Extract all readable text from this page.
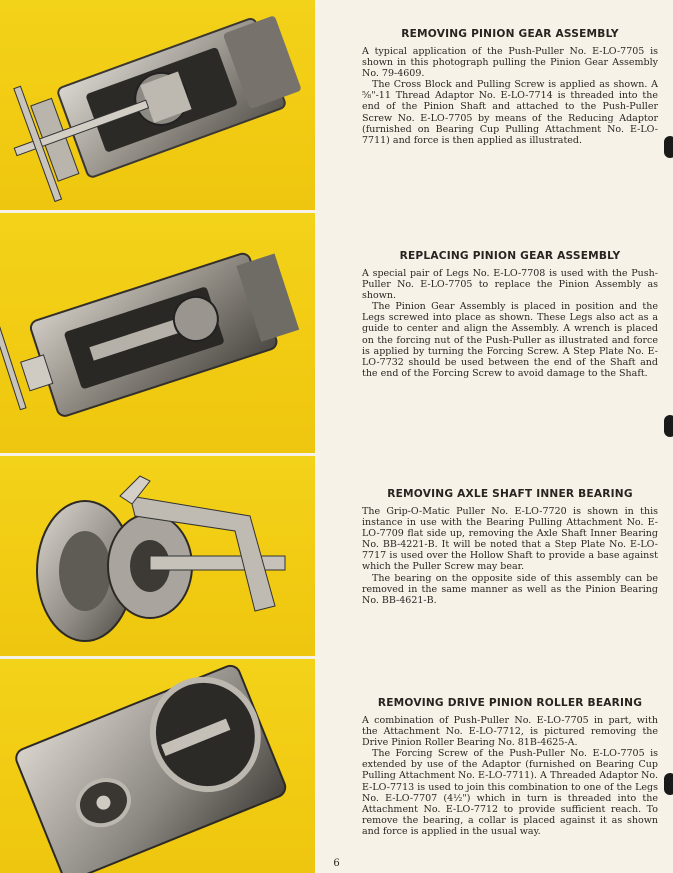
REMOVING PINION GEAR ASSEMBLY

A typical application of the Push-Puller No. E-LO-7705 is shown in this photograph pulling the Pinion Gear Assembly No. 79-4609.

The Cross Block and Pulling Screw is applied as shown. A ⅝"-11 Thread Adaptor No. E-LO-7714 is threaded into the end of the Pinion Shaft and attached to the Push-Puller Screw No. E-LO-7705 by means of the Reducing Adaptor (furnished on Bearing Cup Pulling Attachment No. E-LO-7711) and force is then applied as illustrated.

REPLACING PINION GEAR ASSEMBLY

A special pair of Legs No. E-LO-7708 is used with the Push-Puller No. E-LO-7705 to replace the Pinion Assembly as shown.

The Pinion Gear Assembly is placed in position and the Legs screwed into place as shown. These Legs also act as a guide to center and align the Assembly. A wrench is placed on the forcing nut of the Push-Puller as illustrated and force is applied by turning the Forcing Screw. A Step Plate No. E-LO-7732 should be used between the end of the Shaft and the end of the Forcing Screw to avoid damage to the Shaft.

REMOVING AXLE SHAFT INNER BEARING

The Grip-O-Matic Puller No. E-LO-7720 is shown in this instance in use with the Bearing Pulling Attachment No. E-LO-7709 flat side up, removing the Axle Shaft Inner Bearing No. BB-4221-B. It will be noted that a Step Plate No. E-LO-7717 is used over the Hollow Shaft to provide a base against which the Puller Screw may bear.

The bearing on the opposite side of this assembly can be removed in the same manner as well as the Pinion Bearing No. BB-4621-B.

REMOVING DRIVE PINION ROLLER BEARING

A combination of Push-Puller No. E-LO-7705 in part, with the Attachment No. E-LO-7712, is pictured removing the Drive Pinion Roller Bearing No. 81B-4625-A.

The Forcing Screw of the Push-Puller No. E-LO-7705 is extended by use of the Adaptor (furnished on Bearing Cup Pulling Attachment No. E-LO-7711). A Threaded Adaptor No. E-LO-7713 is used to join this combination to one of the Legs No. E-LO-7707 (4½") which in turn is threaded into the Attachment No. E-LO-7712 to provide sufficient reach. To remove the bearing, a collar is placed against it as shown and force is applied in the usual way.

6
